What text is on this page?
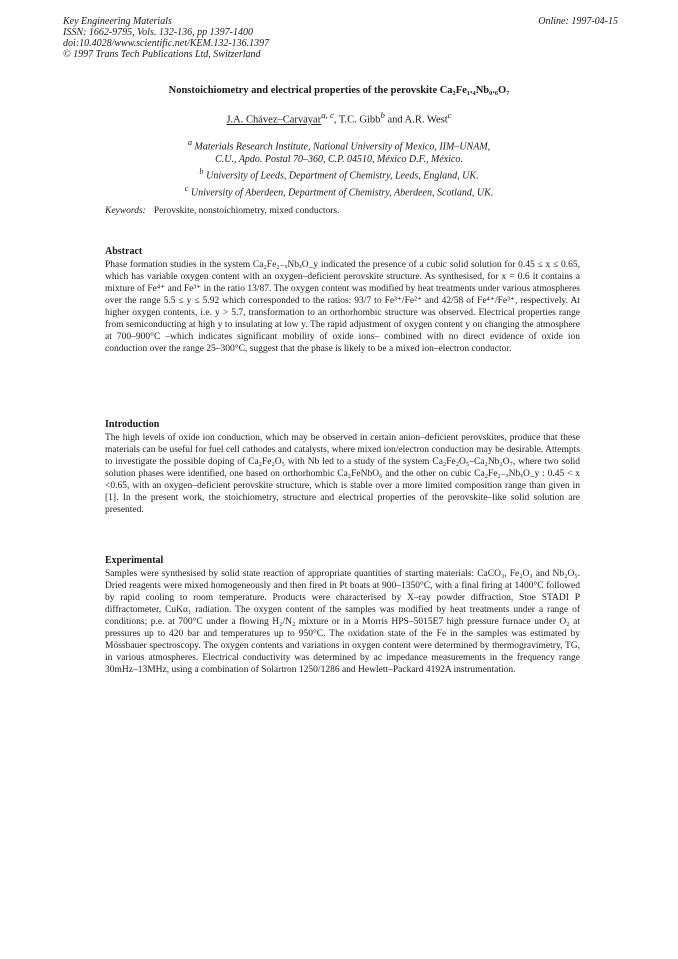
Key Engineering Materials
ISSN: 1662-9795, Vols. 132-136, pp 1397-1400
doi:10.4028/www.scientific.net/KEM.132-136.1397
© 1997 Trans Tech Publications Ltd, Switzerland
Online: 1997-04-15
Nonstoichiometry and electrical properties of the perovskite Ca₂Fe₁.₄Nb₀.₆O₇
J.A. Chávez–Carvayar$^{a, c}$, T.C. Gibb$^b$ and A.R. West$^c$
$^a$ Materials Research Institute, National University of Mexico, IIM–UNAM,
C.U., Apdo. Postal 70–360, C.P. 04510, México D.F., México.
$^b$ University of Leeds, Department of Chemistry, Leeds, England, UK.
$^c$ University of Aberdeen, Department of Chemistry, Aberdeen, Scotland, UK.
Keywords: Perovskite, nonstoichiometry, mixed conductors.
Abstract

Phase formation studies in the system Ca₂Fe₂₋ₓNbₓO_y indicated the presence of a cubic solid solution for 0.45 ≤ x ≤ 0.65, which has variable oxygen content with an oxygen–deficient perovskite structure. As synthesised, for x = 0.6 it contains a mixture of Fe⁴⁺ and Fe³⁺ in the ratio 13/87. The oxygen content was modified by heat treatments under various atmospheres over the range 5.5 ≤ y ≤ 5.92 which corresponded to the ratios: 93/7 to Fe³⁺/Fe²⁺ and 42/58 of Fe⁴⁺/Fe³⁺, respectively. At higher oxygen contents, i.e. y > 5.7, transformation to an orthorhombic structure was observed. Electrical properties range from semiconducting at high y to insulating at low y. The rapid adjustment of oxygen content y on changing the atmosphere at 700–900°C –which indicates significant mobility of oxide ions– combined with no direct evidence of oxide ion conduction over the range 25–300°C, suggest that the phase is likely to be a mixed ion–electron conductor.

Introduction

The high levels of oxide ion conduction, which may be observed in certain anion–deficient perovskites, produce that these materials can be useful for fuel cell cathodes and catalysts, where mixed ion/electron conduction may be desirable. Attempts to investigate the possible doping of Ca₂Fe₂O₅ with Nb led to a study of the system Ca₂Fe₂O₅–Ca₂Nb₂O₇, where two solid solution phases were identified, one based on orthorhombic Ca₂FeNbO₆ and the other on cubic Ca₂Fe₂₋ₓNbₓO_y : 0.45 < x <0.65, with an oxygen–deficient perovskite structure, which is stable over a more limited composition range than given in [1]. In the present work, the stoichiometry, structure and electrical properties of the perovskite–like solid solution are presented.

Experimental

Samples were synthesised by solid state reaction of appropriate quantities of starting materials: CaCO₃, Fe₂O₃ and Nb₂O₅. Dried reagents were mixed homogeneously and then fired in Pt boats at 900–1350°C, with a final firing at 1400°C followed by rapid cooling to room temperature. Products were characterised by X–ray powder diffraction, Stoe STADI P diffractometer, CuKα₁ radiation. The oxygen content of the samples was modified by heat treatments under a range of conditions; p.e. at 700°C under a flowing H₂/N₂ mixture or in a Morris HPS–5015E7 high pressure furnace under O₂ at pressures up to 420 bar and temperatures up to 950°C. The oxidation state of the Fe in the samples was estimated by Mössbauer spectroscopy. The oxygen contents and variations in oxygen content were determined by thermogravimetry, TG, in various atmospheres. Electrical conductivity was determined by ac impedance measurements in the frequency range 30mHz–13MHz, using a combination of Solartron 1250/1286 and Hewlett–Packard 4192A instrumentation.
